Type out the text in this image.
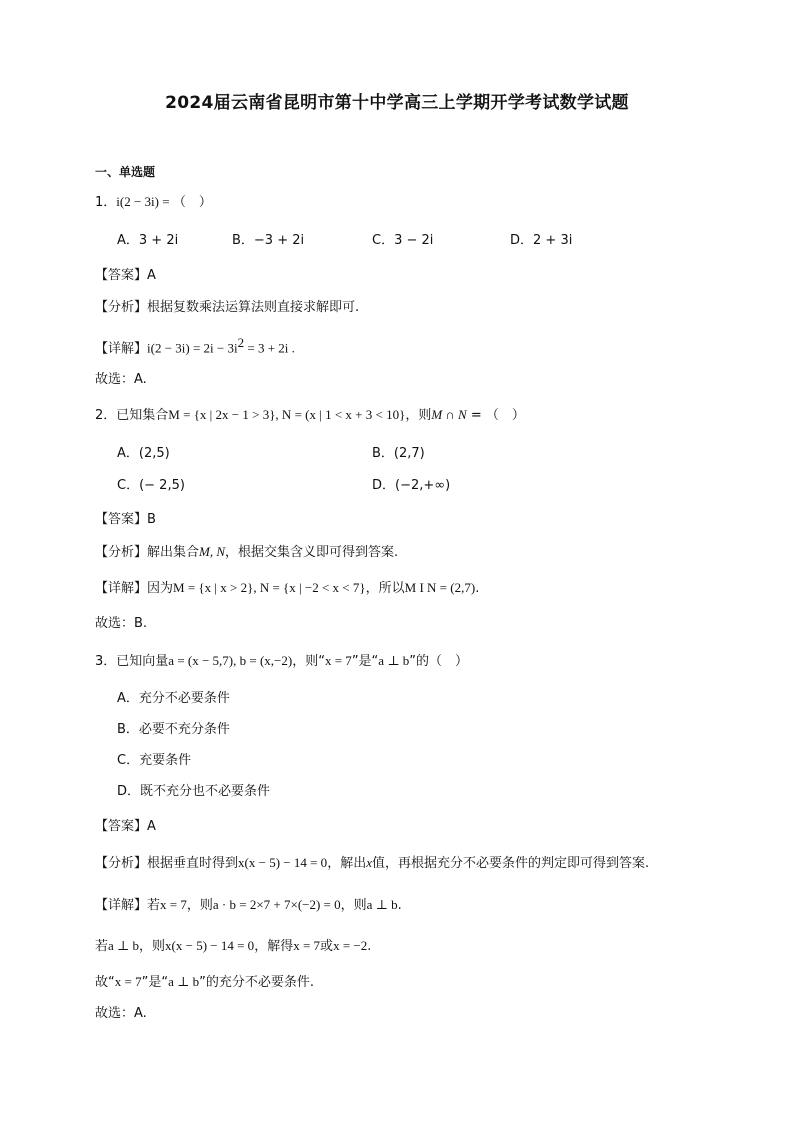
2024届云南省昆明市第十中学高三上学期开学考试数学试题
一、单选题
1．i(2 − 3i) = （　）
A．3 + 2i	B．−3 + 2i	C．3 − 2i	D．2 + 3i
【答案】A
【分析】根据复数乘法运算法则直接求解即可.
【详解】$i(2 - 3i) = 2i - 3i^2 = 3 + 2i$ .
故选：A.
2．已知集合M = {x | 2x − 1 > 3}, N = (x | 1 < x + 3 < 10}，则M ∩ N = （　）
A．(2,5)	B．(2,7)
C．(− 2,5)	D．(−2,+∞)
【答案】B
【分析】解出集合M, N，根据交集含义即可得到答案.
【详解】因为M = {x | x > 2}, N = {x | −2 < x < 7}，所以M I N = (2,7).
故选：B.
3．已知向量a = (x − 5,7), b = (x,−2)，则“x = 7”是“a ⊥ b”的（　）
A．充分不必要条件
B．必要不充分条件
C．充要条件
D．既不充分也不必要条件
【答案】A
【分析】根据垂直时得到x(x − 5) − 14 = 0，解出x值，再根据充分不必要条件的判定即可得到答案.
【详解】若x = 7，则a · b = 2×7 + 7×(−2) = 0，则a ⊥ b.
若a ⊥ b，则x(x − 5) − 14 = 0，解得x = 7或x = −2.
故“x = 7”是“a ⊥ b”的充分不必要条件.
故选：A.
